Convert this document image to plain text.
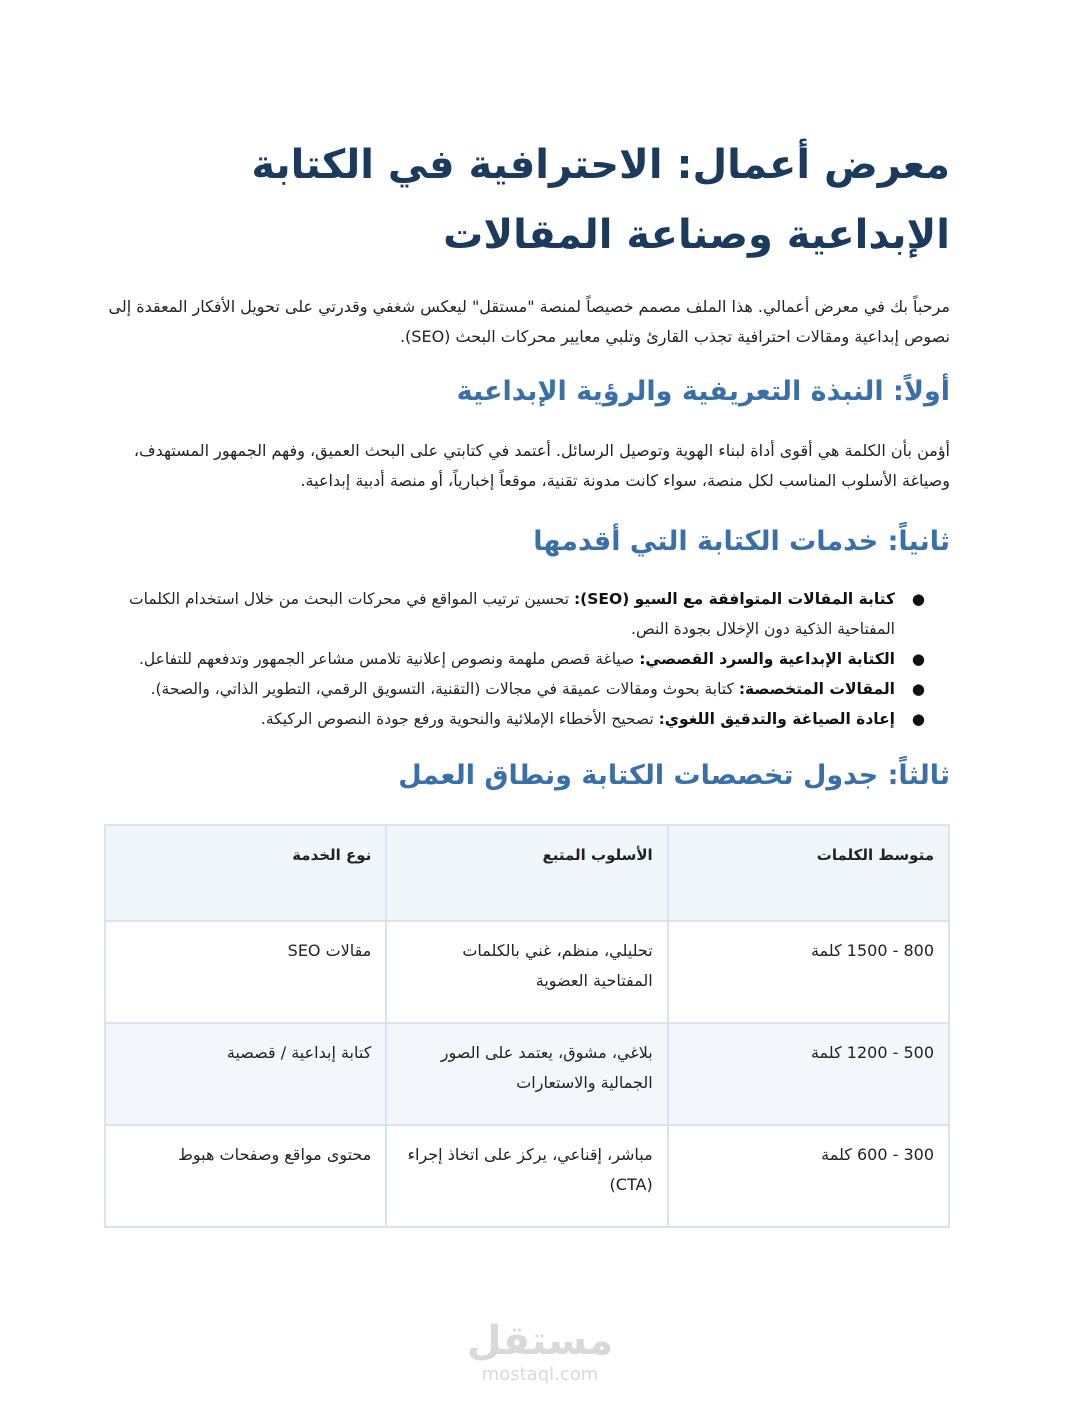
معرض أعمال: الاحترافية في الكتابة الإبداعية وصناعة المقالات

مرحباً بك في معرض أعمالي. هذا الملف مصمم خصيصاً لمنصة "مستقل" ليعكس شغفي وقدرتي على تحويل الأفكار المعقدة إلى نصوص إبداعية ومقالات احترافية تجذب القارئ وتلبي معايير محركات البحث (SEO).

أولاً: النبذة التعريفية والرؤية الإبداعية

أؤمن بأن الكلمة هي أقوى أداة لبناء الهوية وتوصيل الرسائل. أعتمد في كتابتي على البحث العميق، وفهم الجمهور المستهدف، وصياغة الأسلوب المناسب لكل منصة، سواء كانت مدونة تقنية، موقعاً إخبارياً، أو منصة أدبية إبداعية.

ثانياً: خدمات الكتابة التي أقدمها
●
كتابة المقالات المتوافقة مع السيو (SEO): تحسين ترتيب المواقع في محركات البحث من خلال استخدام الكلمات المفتاحية الذكية دون الإخلال بجودة النص.
●
الكتابة الإبداعية والسرد القصصي: صياغة قصص ملهمة ونصوص إعلانية تلامس مشاعر الجمهور وتدفعهم للتفاعل.
●
المقالات المتخصصة: كتابة بحوث ومقالات عميقة في مجالات (التقنية، التسويق الرقمي، التطوير الذاتي، والصحة).
●
إعادة الصياغة والتدقيق اللغوي: تصحيح الأخطاء الإملائية والنحوية ورفع جودة النصوص الركيكة.
ثالثاً: جدول تخصصات الكتابة ونطاق العمل
متوسط الكلمات	الأسلوب المتبع	نوع الخدمة
800 - 1500 كلمة	تحليلي، منظم، غني بالكلمات المفتاحية العضوية	مقالات SEO
500 - 1200 كلمة	بلاغي، مشوق، يعتمد على الصور الجمالية والاستعارات	كتابة إبداعية / قصصية
300 - 600 كلمة	مباشر، إقناعي، يركز على اتخاذ إجراء (CTA)	محتوى مواقع وصفحات هبوط
مستقل
mostaql.com
